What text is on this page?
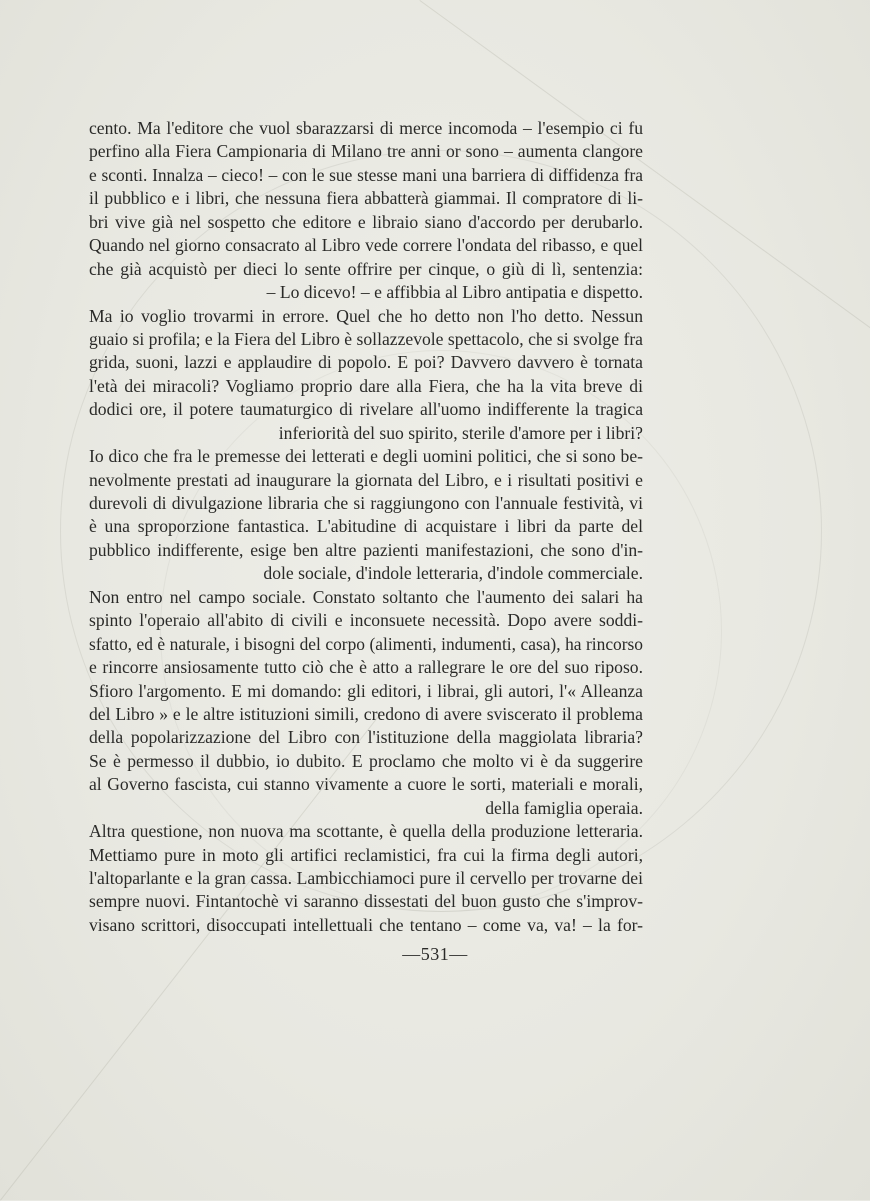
cento. Ma l'editore che vuol sbarazzarsi di merce incomoda – l'esempio ci fu
perfino alla Fiera Campionaria di Milano tre anni or sono – aumenta clangore
e sconti. Innalza – cieco! – con le sue stesse mani una barriera di diffidenza fra
il pubblico e i libri, che nessuna fiera abbatterà giammai. Il compratore di li-
bri vive già nel sospetto che editore e libraio siano d'accordo per derubarlo.
Quando nel giorno consacrato al Libro vede correre l'ondata del ribasso, e quel
che già acquistò per dieci lo sente offrire per cinque, o giù di lì, sentenzia:
– Lo dicevo! – e affibbia al Libro antipatia e dispetto.
Ma io voglio trovarmi in errore. Quel che ho detto non l'ho detto. Nessun
guaio si profila; e la Fiera del Libro è sollazzevole spettacolo, che si svolge fra
grida, suoni, lazzi e applaudire di popolo. E poi? Davvero davvero è tornata
l'età dei miracoli? Vogliamo proprio dare alla Fiera, che ha la vita breve di
dodici ore, il potere taumaturgico di rivelare all'uomo indifferente la tragica
inferiorità del suo spirito, sterile d'amore per i libri?
Io dico che fra le premesse dei letterati e degli uomini politici, che si sono be-
nevolmente prestati ad inaugurare la giornata del Libro, e i risultati positivi e
durevoli di divulgazione libraria che si raggiungono con l'annuale festività, vi
è una sproporzione fantastica. L'abitudine di acquistare i libri da parte del
pubblico indifferente, esige ben altre pazienti manifestazioni, che sono d'in-
dole sociale, d'indole letteraria, d'indole commerciale.
Non entro nel campo sociale. Constato soltanto che l'aumento dei salari ha
spinto l'operaio all'abito di civili e inconsuete necessità. Dopo avere soddi-
sfatto, ed è naturale, i bisogni del corpo (alimenti, indumenti, casa), ha rincorso
e rincorre ansiosamente tutto ciò che è atto a rallegrare le ore del suo riposo.
Sfioro l'argomento. E mi domando: gli editori, i librai, gli autori, l'« Alleanza
del Libro » e le altre istituzioni simili, credono di avere sviscerato il problema
della popolarizzazione del Libro con l'istituzione della maggiolata libraria?
Se è permesso il dubbio, io dubito. E proclamo che molto vi è da suggerire
al Governo fascista, cui stanno vivamente a cuore le sorti, materiali e morali,
della famiglia operaia.
Altra questione, non nuova ma scottante, è quella della produzione letteraria.
Mettiamo pure in moto gli artifici reclamistici, fra cui la firma degli autori,
l'altoparlante e la gran cassa. Lambicchiamoci pure il cervello per trovarne dei
sempre nuovi. Fintantochè vi saranno dissestati del buon gusto che s'improv-
visano scrittori, disoccupati intellettuali che tentano – come va, va! – la for-
—531—
